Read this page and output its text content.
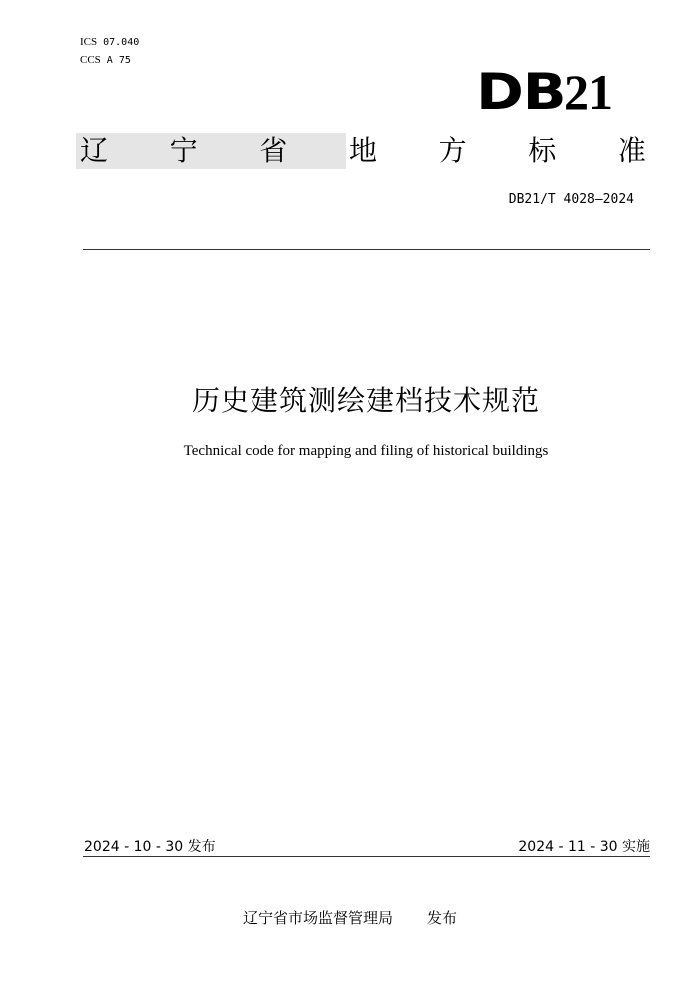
ICS 07.040
CCS A 75
DB21
辽 宁 省 地 方 标 准
DB21/T 4028—2024
历史建筑测绘建档技术规范
Technical code for mapping and filing of historical buildings
2024 - 10 - 30 发布	2024 - 11 - 30 实施
辽宁省市场监督管理局 发布
